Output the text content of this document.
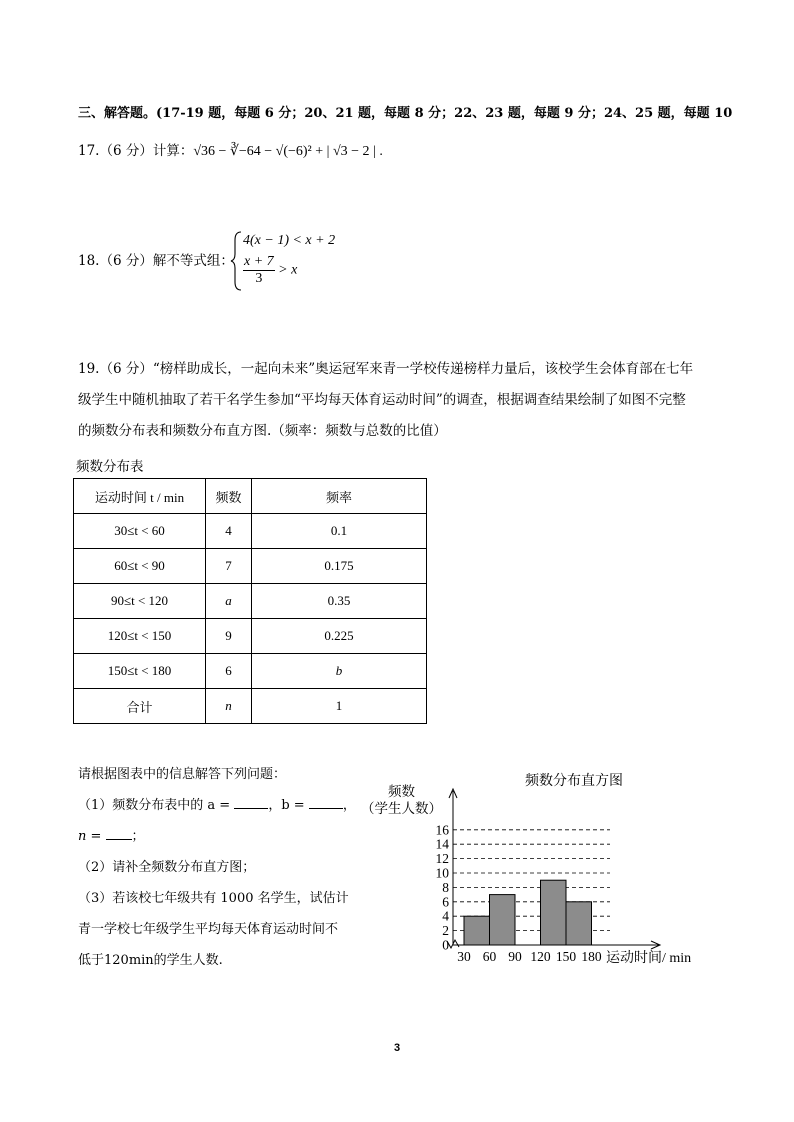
三、解答题。(17-19 题，每题 6 分；20、21 题，每题 8 分；22、23 题，每题 9 分；24、25 题，每题 10
17.（6 分）计算：√36 − ∛−64 − √(−6)² + | √3 − 2 | .
18.（6 分）解不等式组：
4(x − 1) < x + 2
$\frac{x + 7}{3} > x$
19.（6 分）“榜样助成长，一起向未来”奥运冠军来青一学校传递榜样力量后，该校学生会体育部在七年
级学生中随机抽取了若干名学生参加“平均每天体育运动时间”的调查，根据调查结果绘制了如图不完整
的频数分布表和频数分布直方图.（频率：频数与总数的比值）
频数分布表
运动时间 t / min	频数	频率
30≤t < 60	4	0.1
60≤t < 90	7	0.175
90≤t < 120	a	0.35
120≤t < 150	9	0.225
150≤t < 180	6	b
合计	n	1
请根据图表中的信息解答下列问题：
（1）频数分布表中的 a =	，b =	，
n = ；
（2）请补全频数分布直方图；
（3）若该校七年级共有 1000 名学生，试估计
青一学校七年级学生平均每天体育运动时间不
低于120min的学生人数.
频数分布直方图
频数
（学生人数）
0
2
4
6
8
10
12
14
16
30 60 90 120 150 180 运动时间/ min
3
